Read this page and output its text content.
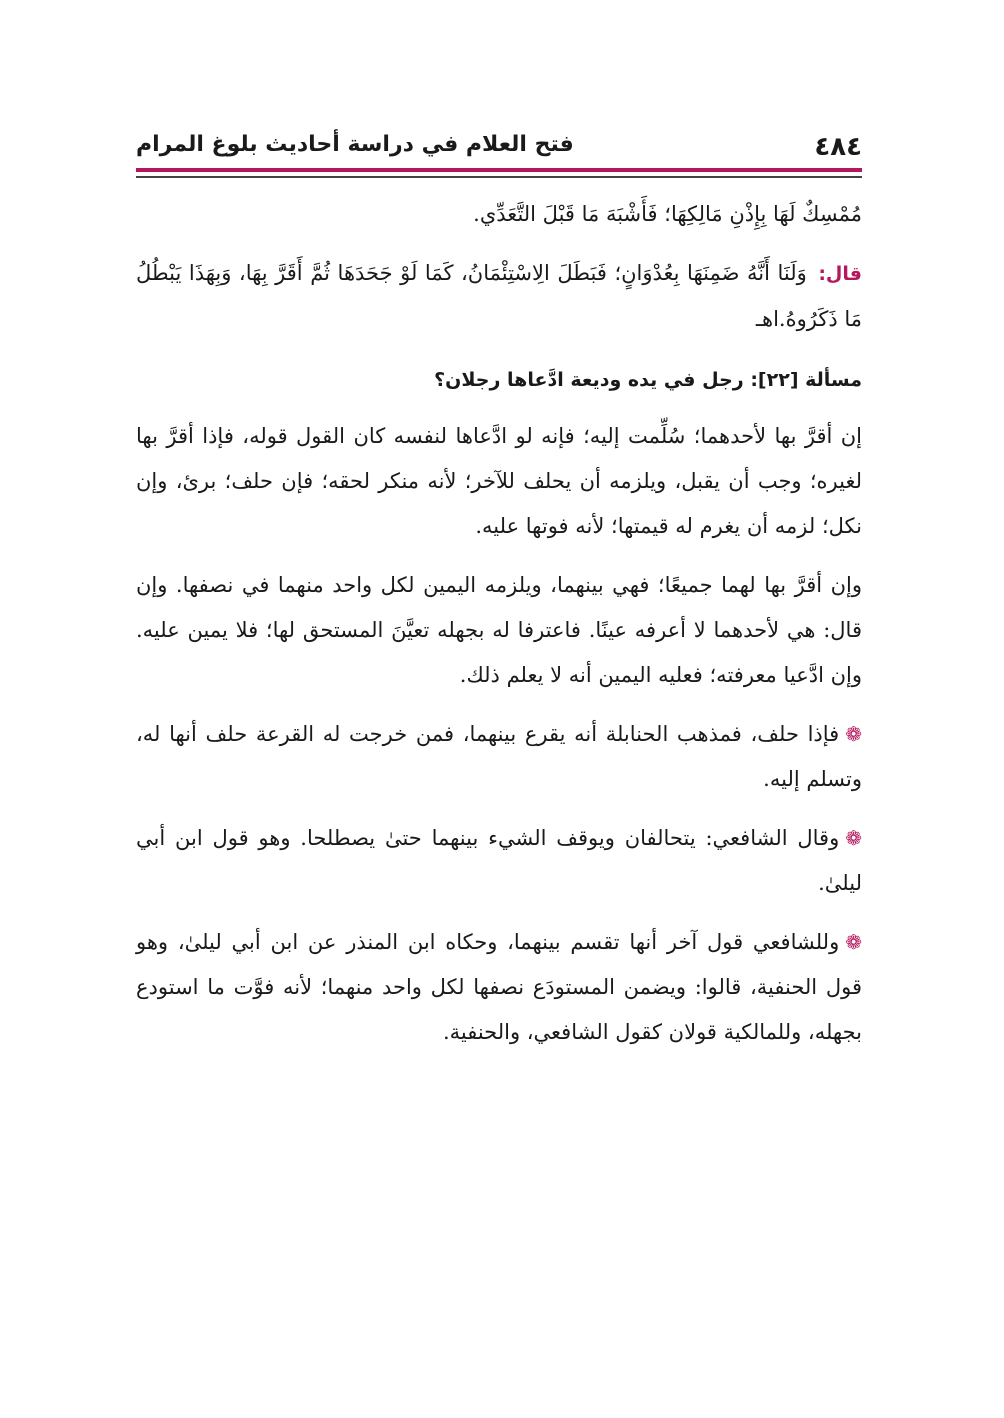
٤٨٤
فتح العلام في دراسة أحاديث بلوغ المرام

مُمْسِكٌ لَهَا بِإِذْنِ مَالِكِهَا؛ فَأَشْبَهَ مَا قَبْلَ التَّعَدِّي.

قال: وَلَنَا أَنَّهُ ضَمِنَهَا بِعُدْوَانٍ؛ فَبَطَلَ الِاسْتِئْمَانُ، كَمَا لَوْ جَحَدَهَا ثُمَّ أَقَرَّ بِهَا، وَبِهَذَا يَبْطُلُ مَا ذَكَرُوهُ.اهـ

مسألة [٢٢]: رجل في يده وديعة ادَّعاها رجلان؟

إن أقرَّ بها لأحدهما؛ سُلِّمت إليه؛ فإنه لو ادَّعاها لنفسه كان القول قوله، فإذا أقرَّ بها لغيره؛ وجب أن يقبل، ويلزمه أن يحلف للآخر؛ لأنه منكر لحقه؛ فإن حلف؛ برئ، وإن نكل؛ لزمه أن يغرم له قيمتها؛ لأنه فوتها عليه.

وإن أقرَّ بها لهما جميعًا؛ فهي بينهما، ويلزمه اليمين لكل واحد منهما في نصفها. وإن قال: هي لأحدهما لا أعرفه عينًا. فاعترفا له بجهله تعيَّنَ المستحق لها؛ فلا يمين عليه. وإن ادَّعيا معرفته؛ فعليه اليمين أنه لا يعلم ذلك.

❁فإذا حلف، فمذهب الحنابلة أنه يقرع بينهما، فمن خرجت له القرعة حلف أنها له، وتسلم إليه.

❁وقال الشافعي: يتحالفان ويوقف الشيء بينهما حتىٰ يصطلحا. وهو قول ابن أبي ليلىٰ.

❁وللشافعي قول آخر أنها تقسم بينهما، وحكاه ابن المنذر عن ابن أبي ليلىٰ، وهو قول الحنفية، قالوا: ويضمن المستودَع نصفها لكل واحد منهما؛ لأنه فوَّت ما استودع بجهله، وللمالكية قولان كقول الشافعي، والحنفية.
